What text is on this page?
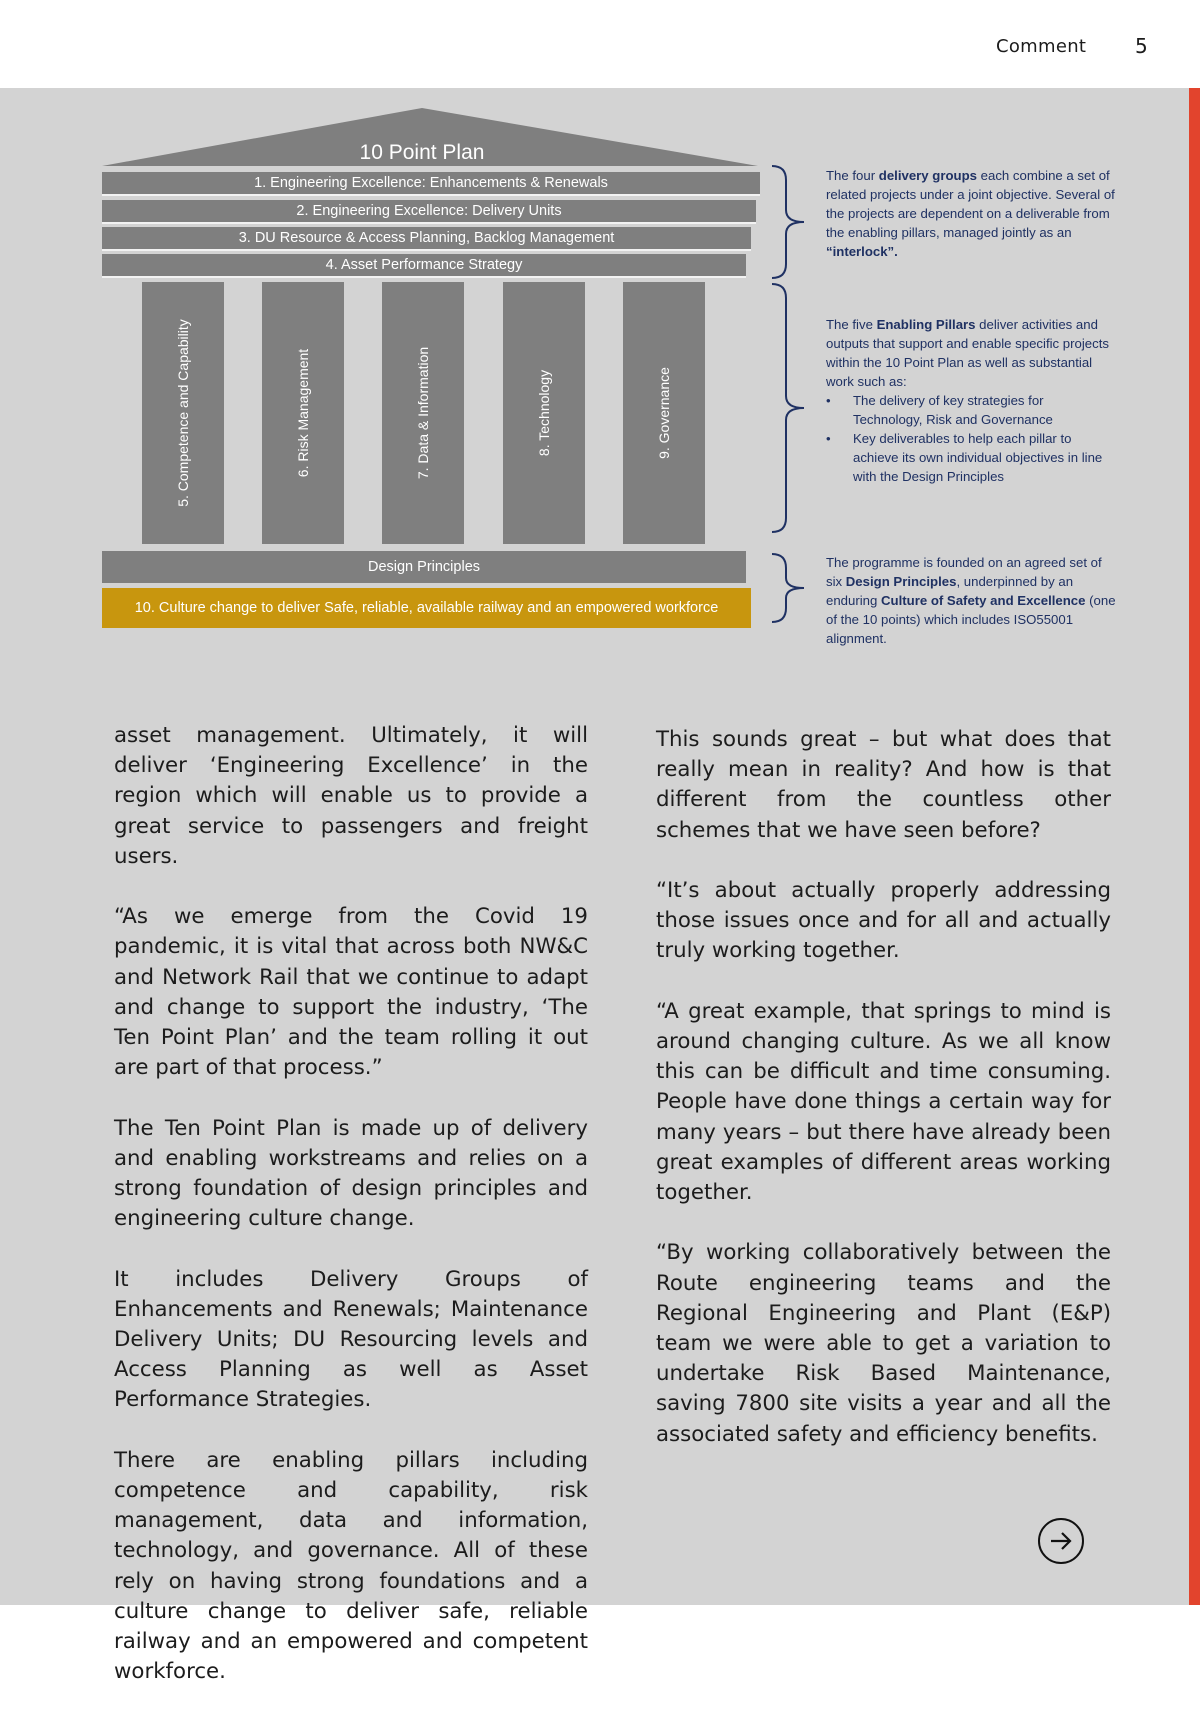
Comment 5
10 Point Plan
1. Engineering Excellence: Enhancements & Renewals
2. Engineering Excellence: Delivery Units
3. DU Resource & Access Planning, Backlog Management
4. Asset Performance Strategy
5. Competence and Capability	6. Risk Management	7. Data & Information	8. Technology	9. Governance
Design Principles
10. Culture change to deliver Safe, reliable, available railway and an empowered workforce
The four delivery groups each combine a set of related projects under a joint objective. Several of the projects are dependent on a deliverable from the enabling pillars, managed jointly as an “interlock”.
The five Enabling Pillars deliver activities and outputs that support and enable specific projects within the 10 Point Plan as well as substantial work such as:
• The delivery of key strategies for Technology, Risk and Governance
• Key deliverables to help each pillar to achieve its own individual objectives in line with the Design Principles
The programme is founded on an agreed set of six Design Principles, underpinned by an enduring Culture of Safety and Excellence (one of the 10 points) which includes ISO55001 alignment.

asset management. Ultimately, it will deliver ‘Engineering Excellence’ in the region which will enable us to provide a great service to passengers and freight users.

“As we emerge from the Covid 19 pandemic, it is vital that across both NW&C and Network Rail that we continue to adapt and change to support the industry, ‘The Ten Point Plan’ and the team rolling it out are part of that process.”

The Ten Point Plan is made up of delivery and enabling workstreams and relies on a strong foundation of design principles and engineering culture change.

It includes Delivery Groups of Enhancements and Renewals; Maintenance Delivery Units; DU Resourcing levels and Access Planning as well as Asset Performance Strategies.

There are enabling pillars including competence and capability, risk management, data and information, technology, and governance. All of these rely on having strong foundations and a culture change to deliver safe, reliable railway and an empowered and competent workforce.

This sounds great – but what does that really mean in reality? And how is that different from the countless other schemes that we have seen before?

“It’s about actually properly addressing those issues once and for all and actually truly working together.

“A great example, that springs to mind is around changing culture. As we all know this can be difficult and time consuming. People have done things a certain way for many years – but there have already been great examples of different areas working together.

“By working collaboratively between the Route engineering teams and the Regional Engineering and Plant (E&P) team we were able to get a variation to undertake Risk Based Maintenance, saving 7800 site visits a year and all the associated safety and efficiency benefits.
